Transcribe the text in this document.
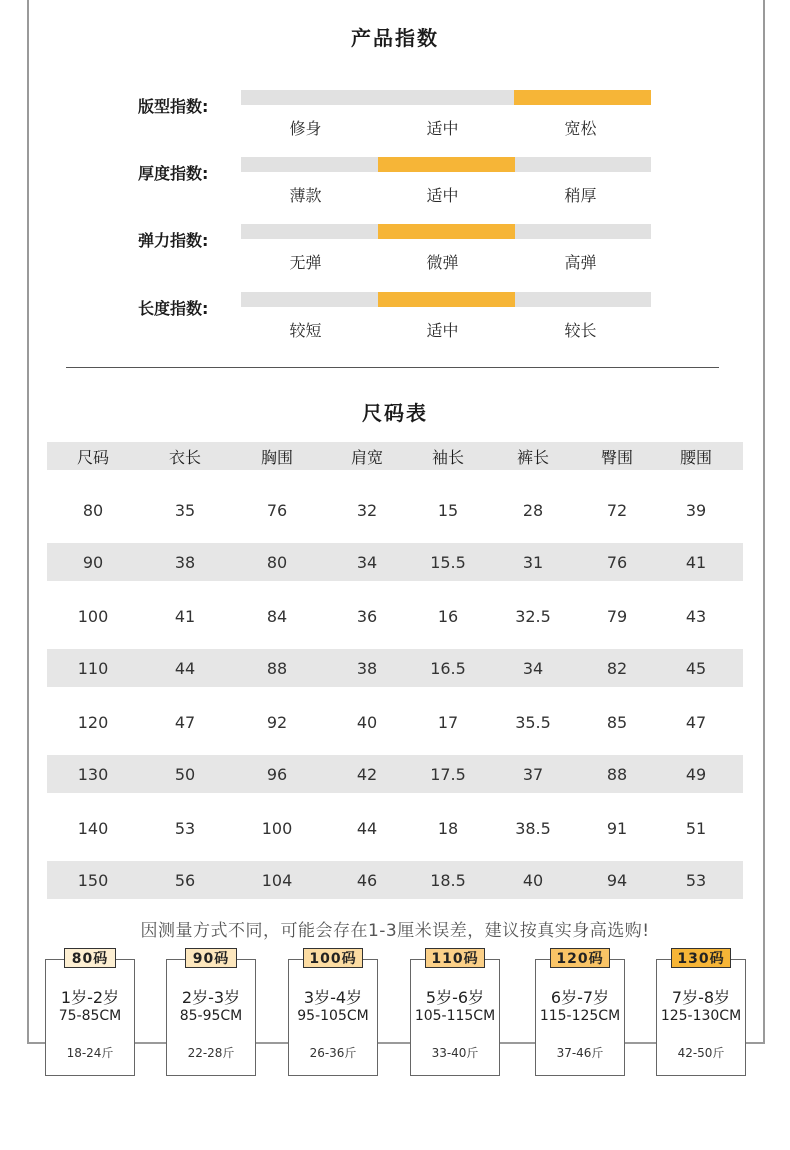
产品指数
版型指数:
修身	适中	宽松
厚度指数:
薄款	适中	稍厚
弹力指数:
无弹	微弹	高弹
长度指数:
较短	适中	较长
尺码表
尺码	衣长	胸围	肩宽	袖长	裤长	臀围	腰围
80	35	76	32	15	28	72	39
90	38	80	34	15.5	31	76	41
100	41	84	36	16	32.5	79	43
110	44	88	38	16.5	34	82	45
120	47	92	40	17	35.5	85	47
130	50	96	42	17.5	37	88	49
140	53	100	44	18	38.5	91	51
150	56	104	46	18.5	40	94	53
因测量方式不同，可能会存在1-3厘米误差，建议按真实身高选购!
1岁-2岁
75-85CM
18-24斤
80码
2岁-3岁
85-95CM
22-28斤
90码
3岁-4岁
95-105CM
26-36斤
100码
5岁-6岁
105-115CM
33-40斤
110码
6岁-7岁
115-125CM
37-46斤
120码
7岁-8岁
125-130CM
42-50斤
130码
